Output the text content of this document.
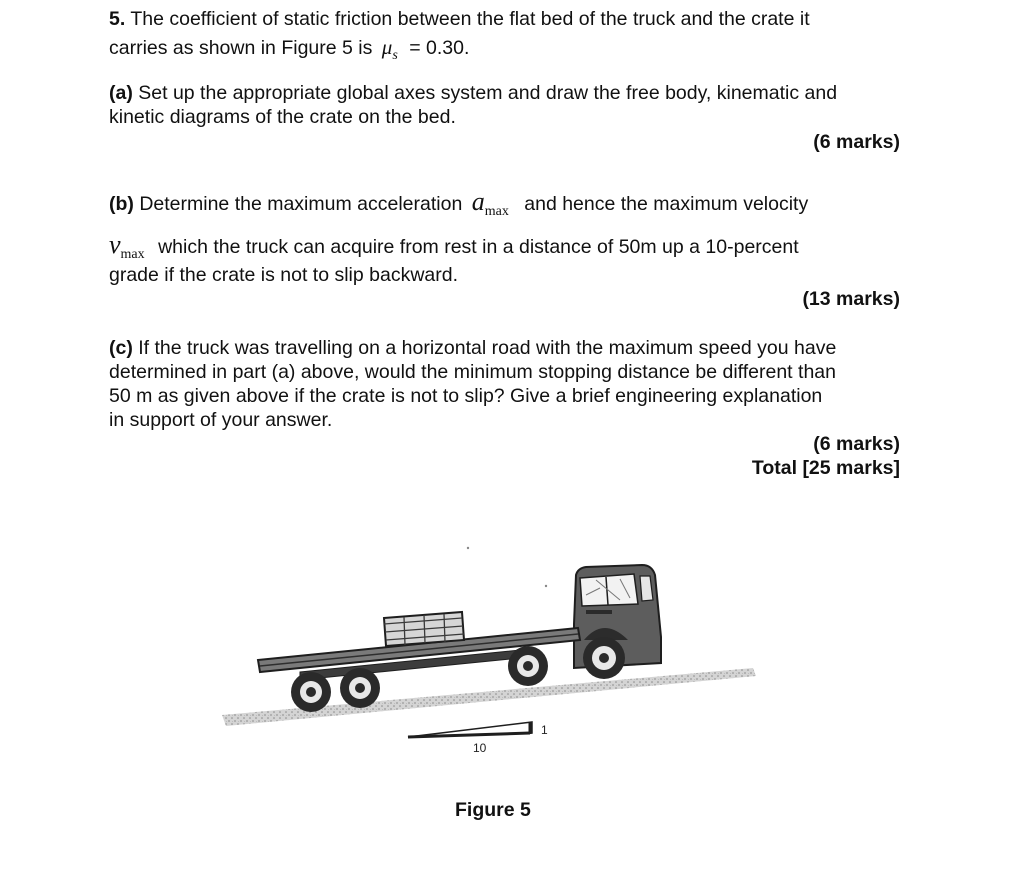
5. The coefficient of static friction between the flat bed of the truck and the crate it
carries as shown in Figure 5 is $\mu_s = 0.30$.
(a) Set up the appropriate global axes system and draw the free body, kinematic and
kinetic diagrams of the crate on the bed.
(6 marks)
(b) Determine the maximum acceleration $a_{max}$ and hence the maximum velocity
$v_{max}$ which the truck can acquire from rest in a distance of 50m up a 10-percent
grade if the crate is not to slip backward.
(13 marks)
(c) If the truck was travelling on a horizontal road with the maximum speed you have
determined in part (a) above, would the minimum stopping distance be different than
50 m as given above if the crate is not to slip? Give a brief engineering explanation
in support of your answer.
(6 marks)
Total [25 marks]
10
1
Figure 5
